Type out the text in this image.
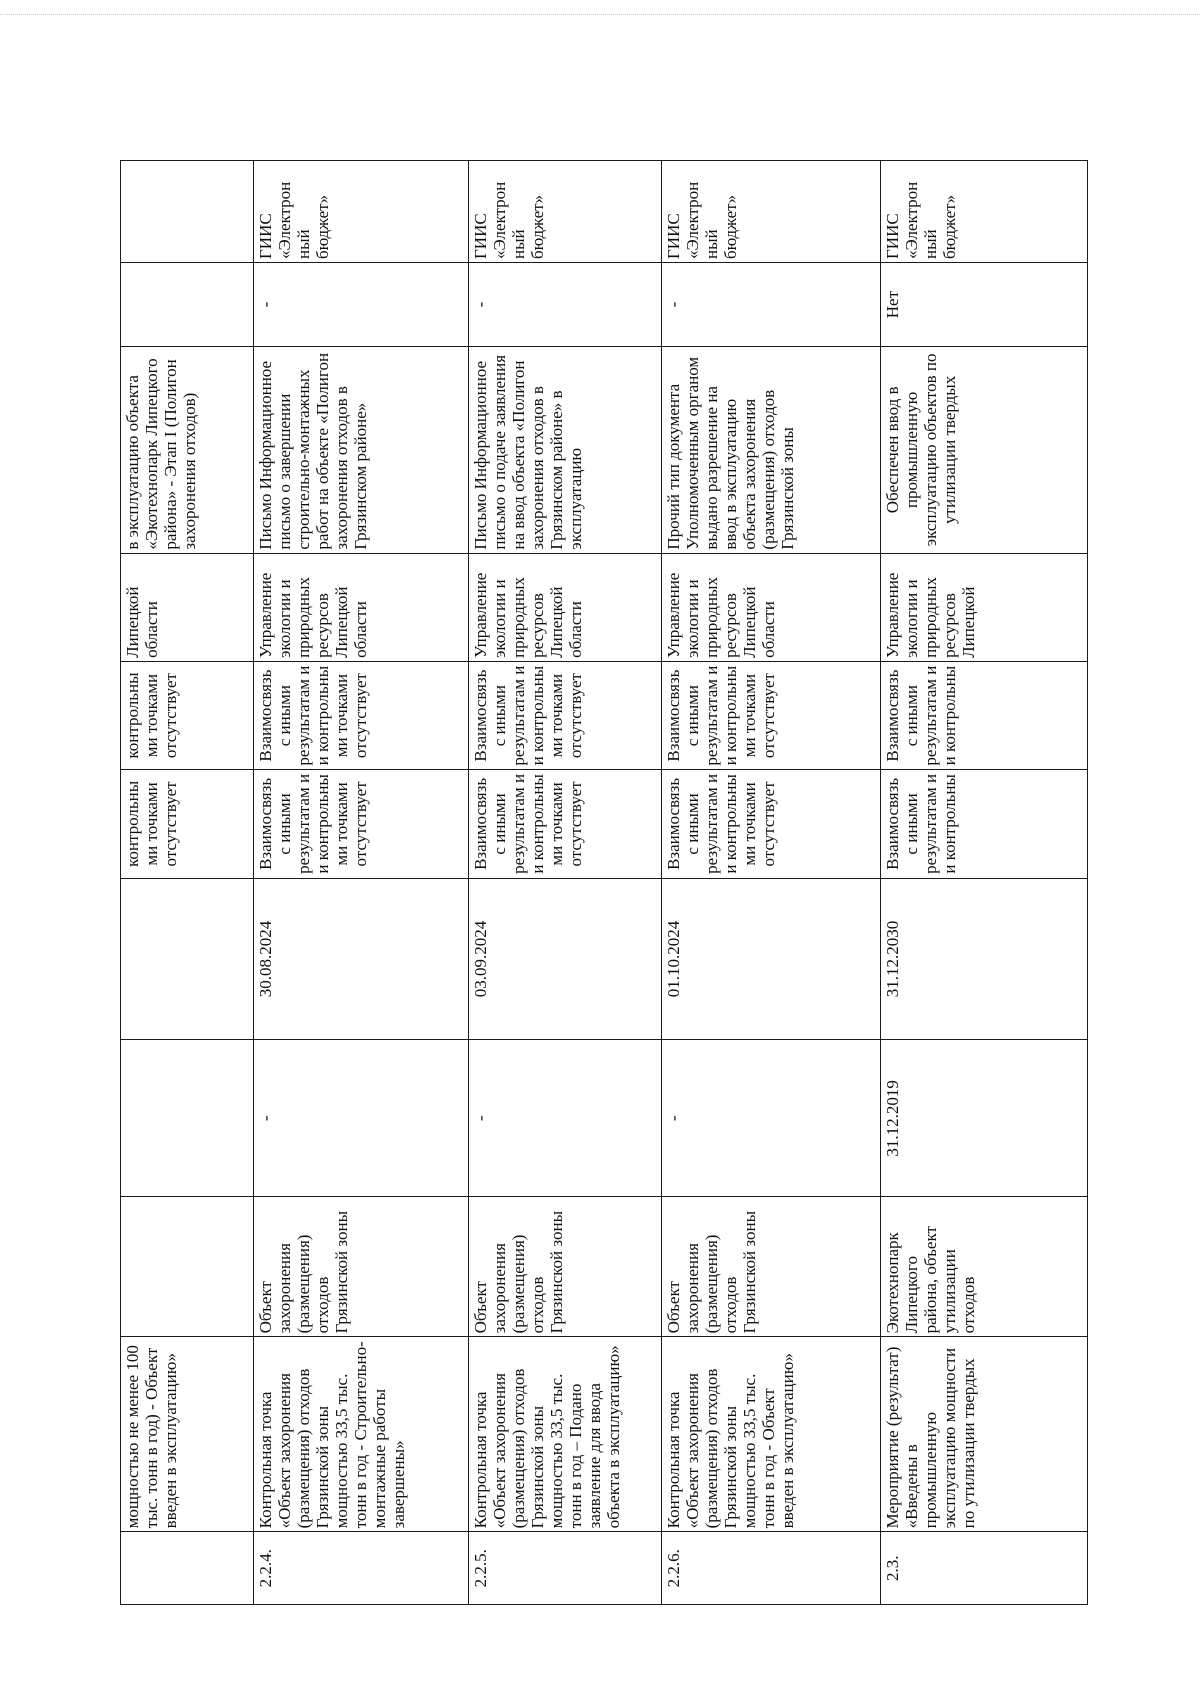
	мощностью не менее 100 тыс. тонн в год) - Объект введен в эксплуатацию»				контрольны ми точками отсутствует	контрольны ми точками отсутствует	Липецкой области	в эксплуатацию объекта «Экотехнопарк Липецкого района» - Этап I (Полигон захоронения отходов)		
2.2.4.	Контрольная точка «Объект захоронения (размещения) отходов Грязинской зоны мощностью 33,5 тыс. тонн в год - Строительно-монтажные работы завершены»	Объект захоронения (размещения) отходов Грязинской зоны	-	30.08.2024	Взаимосвязь с иными результатам и и контрольны ми точками отсутствует	Взаимосвязь с иными результатам и и контрольны ми точками отсутствует	Управление экологии и природных ресурсов Липецкой области	Письмо Информационное письмо о завершении строительно-монтажных работ на объекте «Полигон захоронения отходов в Грязинском районе»	-	ГИИС «Электрон ный бюджет»
2.2.5.	Контрольная точка «Объект захоронения (размещения) отходов Грязинской зоны мощностью 33,5 тыс. тонн в год – Подано заявление для ввода объекта в эксплуатацию»	Объект захоронения (размещения) отходов Грязинской зоны	-	03.09.2024	Взаимосвязь с иными результатам и и контрольны ми точками отсутствует	Взаимосвязь с иными результатам и и контрольны ми точками отсутствует	Управление экологии и природных ресурсов Липецкой области	Письмо Информационное письмо о подаче заявления на ввод объекта «Полигон захоронения отходов в Грязинском районе» в эксплуатацию	-	ГИИС «Электрон ный бюджет»
2.2.6.	Контрольная точка «Объект захоронения (размещения) отходов Грязинской зоны мощностью 33,5 тыс. тонн в год - Объект введен в эксплуатацию»	Объект захоронения (размещения) отходов Грязинской зоны	-	01.10.2024	Взаимосвязь с иными результатам и и контрольны ми точками отсутствует	Взаимосвязь с иными результатам и и контрольны ми точками отсутствует	Управление экологии и природных ресурсов Липецкой области	Прочий тип документа Уполномоченным органом выдано разрешение на ввод в эксплуатацию объекта захоронения (размещения) отходов Грязинской зоны	-	ГИИС «Электрон ный бюджет»
2.3.	Мероприятие (результат) «Введены в промышленную эксплуатацию мощности по утилизации твердых	Экотехнопарк Липецкого района, объект утилизации отходов	31.12.2019	31.12.2030	Взаимосвязь с иными результатам и и контрольны	Взаимосвязь с иными результатам и и контрольны	Управление экологии и природных ресурсов Липецкой	Обеспечен ввод в промышленную эксплуатацию объектов по утилизации твердых	Нет	ГИИС «Электрон ный бюджет»
